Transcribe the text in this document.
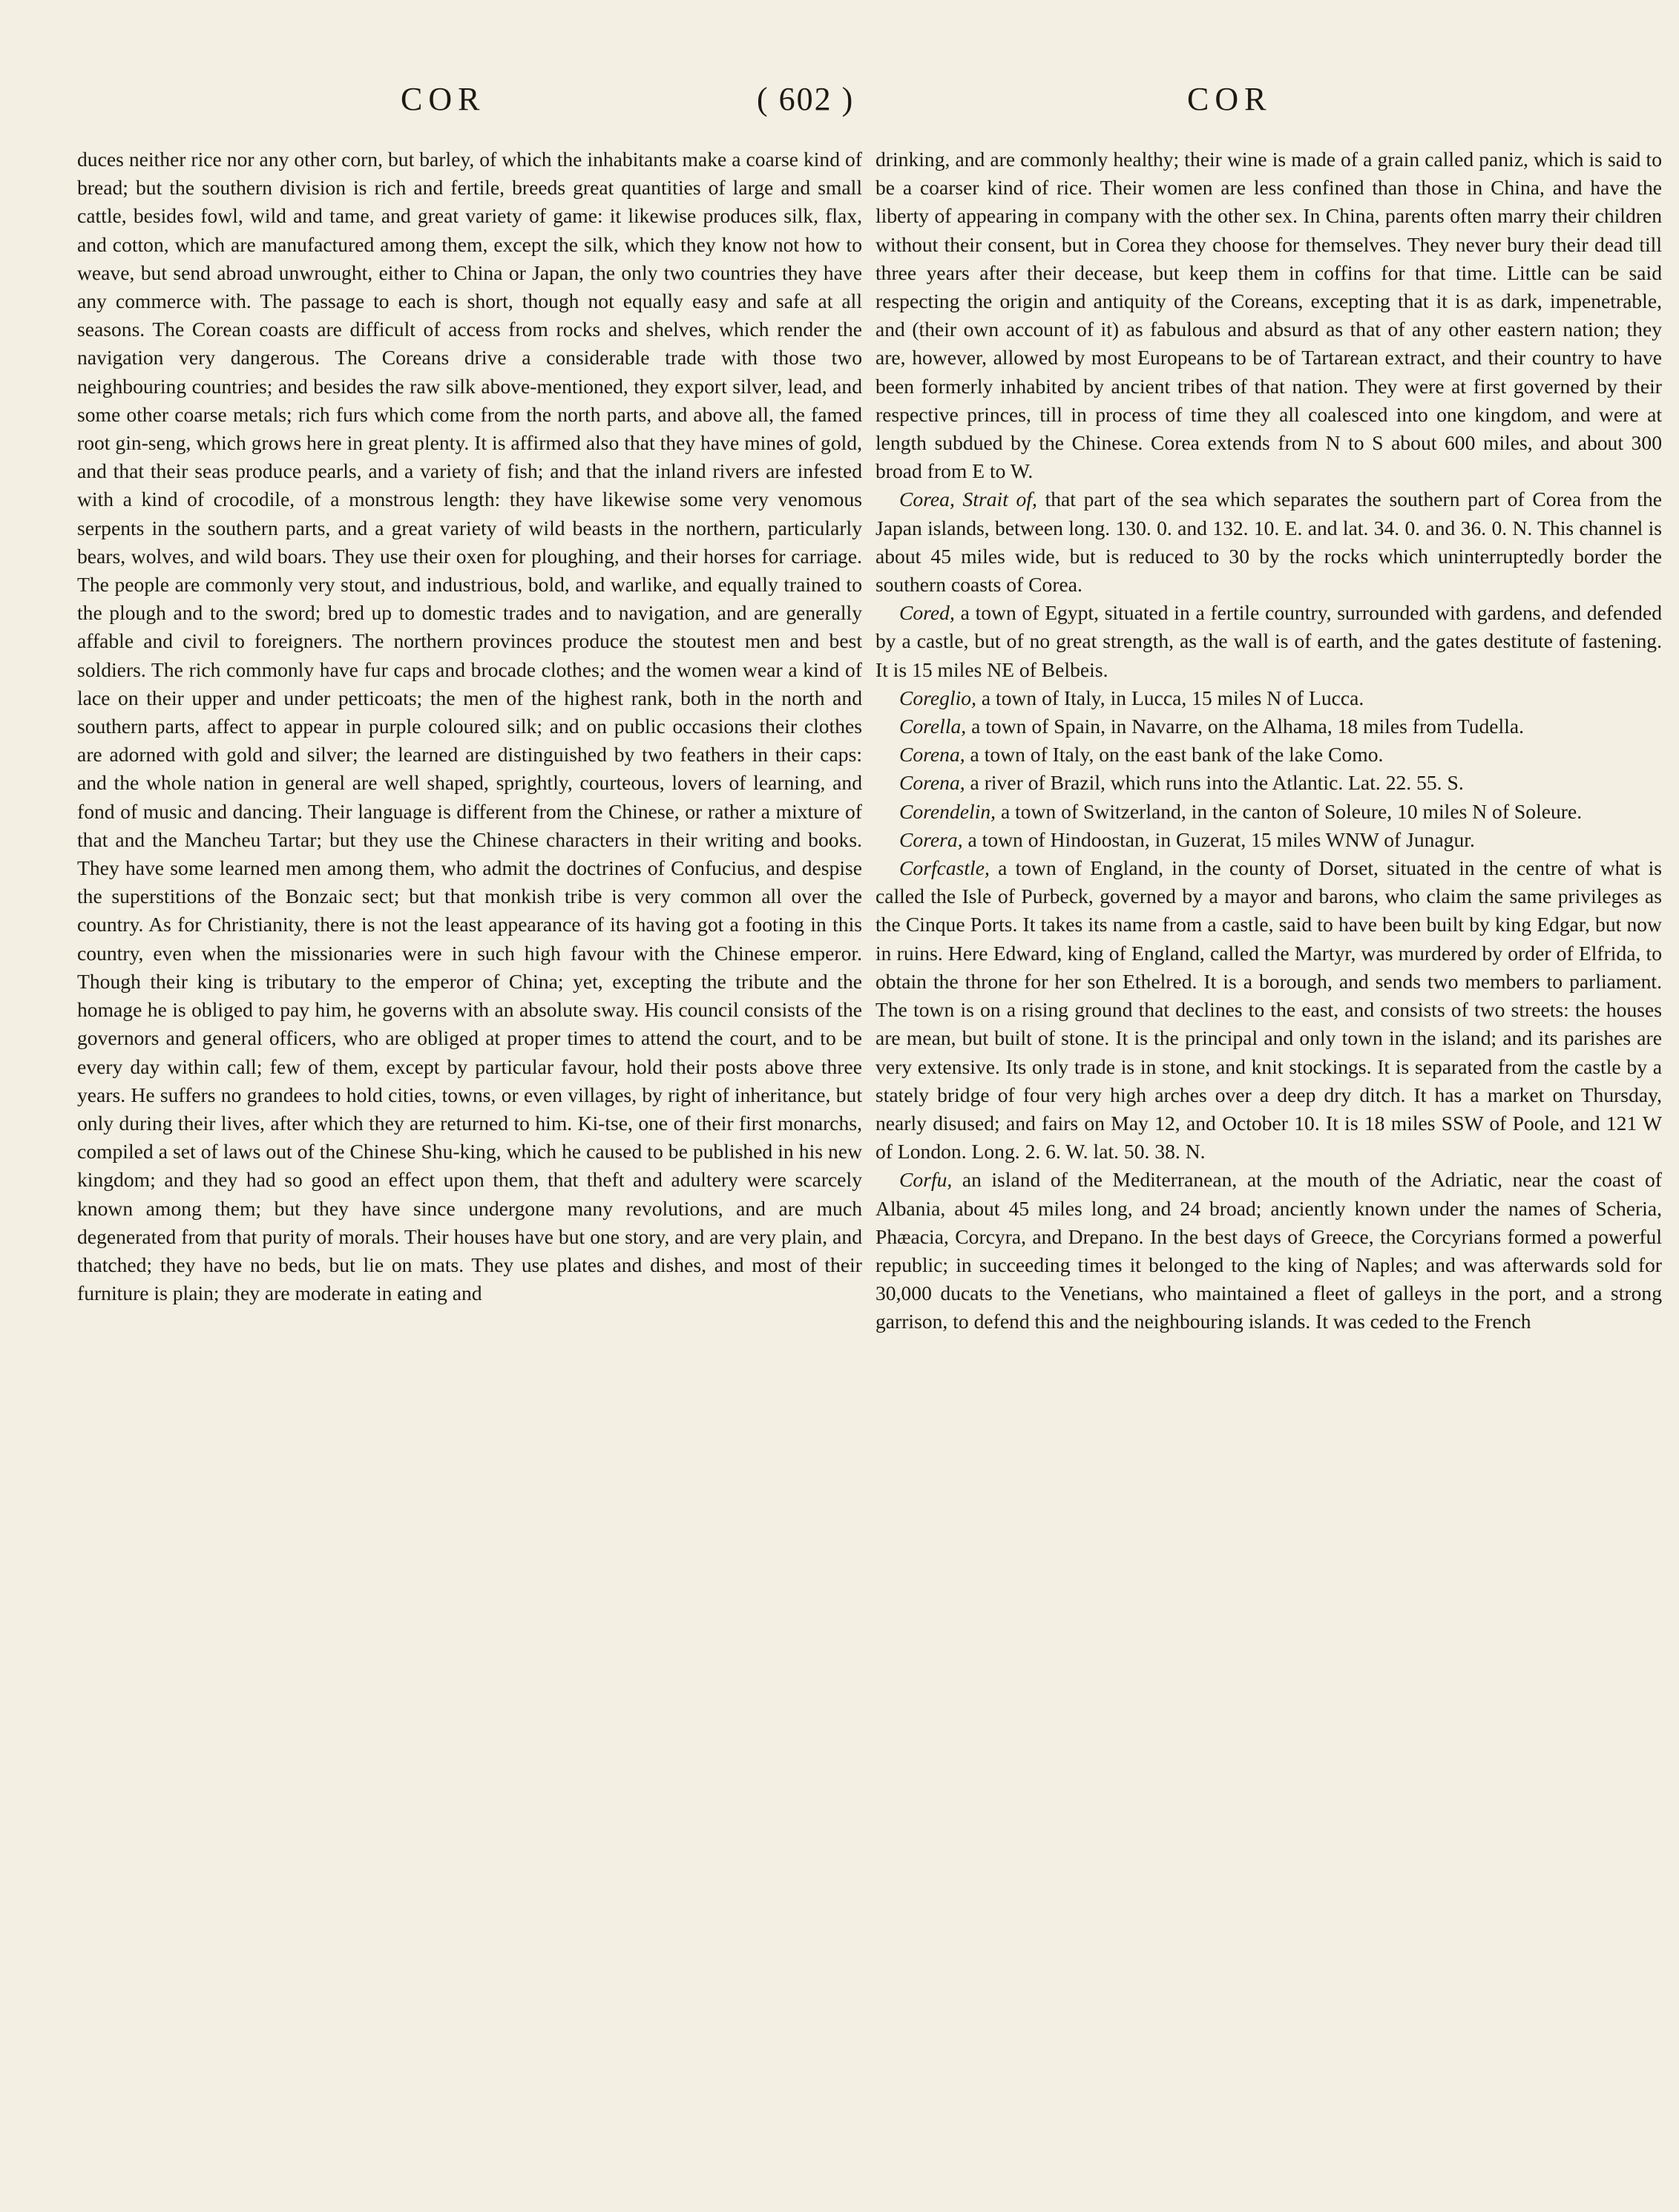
COR	( 602 )	COR

duces neither rice nor any other corn, but barley, of which the inhabitants make a coarse kind of bread; but the southern division is rich and fertile, breeds great quantities of large and small cattle, besides fowl, wild and tame, and great variety of game: it likewise produces silk, flax, and cotton, which are manufactured among them, except the silk, which they know not how to weave, but send abroad unwrought, either to China or Japan, the only two countries they have any commerce with. The passage to each is short, though not equally easy and safe at all seasons. The Corean coasts are difficult of access from rocks and shelves, which render the navigation very dangerous. The Coreans drive a considerable trade with those two neighbouring countries; and besides the raw silk above-mentioned, they export silver, lead, and some other coarse metals; rich furs which come from the north parts, and above all, the famed root gin-seng, which grows here in great plenty. It is affirmed also that they have mines of gold, and that their seas produce pearls, and a variety of fish; and that the inland rivers are infested with a kind of crocodile, of a monstrous length: they have likewise some very venomous serpents in the southern parts, and a great variety of wild beasts in the northern, particularly bears, wolves, and wild boars. They use their oxen for ploughing, and their horses for carriage. The people are commonly very stout, and industrious, bold, and warlike, and equally trained to the plough and to the sword; bred up to domestic trades and to navigation, and are generally affable and civil to foreigners. The northern provinces produce the stoutest men and best soldiers. The rich commonly have fur caps and brocade clothes; and the women wear a kind of lace on their upper and under petticoats; the men of the highest rank, both in the north and southern parts, affect to appear in purple coloured silk; and on public occasions their clothes are adorned with gold and silver; the learned are distinguished by two feathers in their caps: and the whole nation in general are well shaped, sprightly, courteous, lovers of learning, and fond of music and dancing. Their language is different from the Chinese, or rather a mixture of that and the Mancheu Tartar; but they use the Chinese characters in their writing and books. They have some learned men among them, who admit the doctrines of Confucius, and despise the superstitions of the Bonzaic sect; but that monkish tribe is very common all over the country. As for Christianity, there is not the least appearance of its having got a footing in this country, even when the missionaries were in such high favour with the Chinese emperor. Though their king is tributary to the emperor of China; yet, excepting the tribute and the homage he is obliged to pay him, he governs with an absolute sway. His council consists of the governors and general officers, who are obliged at proper times to attend the court, and to be every day within call; few of them, except by particular favour, hold their posts above three years. He suffers no grandees to hold cities, towns, or even villages, by right of inheritance, but only during their lives, after which they are returned to him. Ki-tse, one of their first monarchs, compiled a set of laws out of the Chinese Shu-king, which he caused to be published in his new kingdom; and they had so good an effect upon them, that theft and adultery were scarcely known among them; but they have since undergone many revolutions, and are much degenerated from that purity of morals. Their houses have but one story, and are very plain, and thatched; they have no beds, but lie on mats. They use plates and dishes, and most of their furniture is plain; they are moderate in eating and

drinking, and are commonly healthy; their wine is made of a grain called paniz, which is said to be a coarser kind of rice. Their women are less confined than those in China, and have the liberty of appearing in company with the other sex. In China, parents often marry their children without their consent, but in Corea they choose for themselves. They never bury their dead till three years after their decease, but keep them in coffins for that time. Little can be said respecting the origin and antiquity of the Coreans, excepting that it is as dark, impenetrable, and (their own account of it) as fabulous and absurd as that of any other eastern nation; they are, however, allowed by most Europeans to be of Tartarean extract, and their country to have been formerly inhabited by ancient tribes of that nation. They were at first governed by their respective princes, till in process of time they all coalesced into one kingdom, and were at length subdued by the Chinese. Corea extends from N to S about 600 miles, and about 300 broad from E to W.

Corea, Strait of, that part of the sea which separates the southern part of Corea from the Japan islands, between long. 130. 0. and 132. 10. E. and lat. 34. 0. and 36. 0. N. This channel is about 45 miles wide, but is reduced to 30 by the rocks which uninterruptedly border the southern coasts of Corea.

Cored, a town of Egypt, situated in a fertile country, surrounded with gardens, and defended by a castle, but of no great strength, as the wall is of earth, and the gates destitute of fastening. It is 15 miles NE of Belbeis.

Coreglio, a town of Italy, in Lucca, 15 miles N of Lucca.

Corella, a town of Spain, in Navarre, on the Alhama, 18 miles from Tudella.

Corena, a town of Italy, on the east bank of the lake Como.

Corena, a river of Brazil, which runs into the Atlantic. Lat. 22. 55. S.

Corendelin, a town of Switzerland, in the canton of Soleure, 10 miles N of Soleure.

Corera, a town of Hindoostan, in Guzerat, 15 miles WNW of Junagur.

Corfcastle, a town of England, in the county of Dorset, situated in the centre of what is called the Isle of Purbeck, governed by a mayor and barons, who claim the same privileges as the Cinque Ports. It takes its name from a castle, said to have been built by king Edgar, but now in ruins. Here Edward, king of England, called the Martyr, was murdered by order of Elfrida, to obtain the throne for her son Ethelred. It is a borough, and sends two members to parliament. The town is on a rising ground that declines to the east, and consists of two streets: the houses are mean, but built of stone. It is the principal and only town in the island; and its parishes are very extensive. Its only trade is in stone, and knit stockings. It is separated from the castle by a stately bridge of four very high arches over a deep dry ditch. It has a market on Thursday, nearly disused; and fairs on May 12, and October 10. It is 18 miles SSW of Poole, and 121 W of London. Long. 2. 6. W. lat. 50. 38. N.

Corfu, an island of the Mediterranean, at the mouth of the Adriatic, near the coast of Albania, about 45 miles long, and 24 broad; anciently known under the names of Scheria, Phæacia, Corcyra, and Drepano. In the best days of Greece, the Corcyrians formed a powerful republic; in succeeding times it belonged to the king of Naples; and was afterwards sold for 30,000 ducats to the Venetians, who maintained a fleet of galleys in the port, and a strong garrison, to defend this and the neighbouring islands. It was ceded to the French
